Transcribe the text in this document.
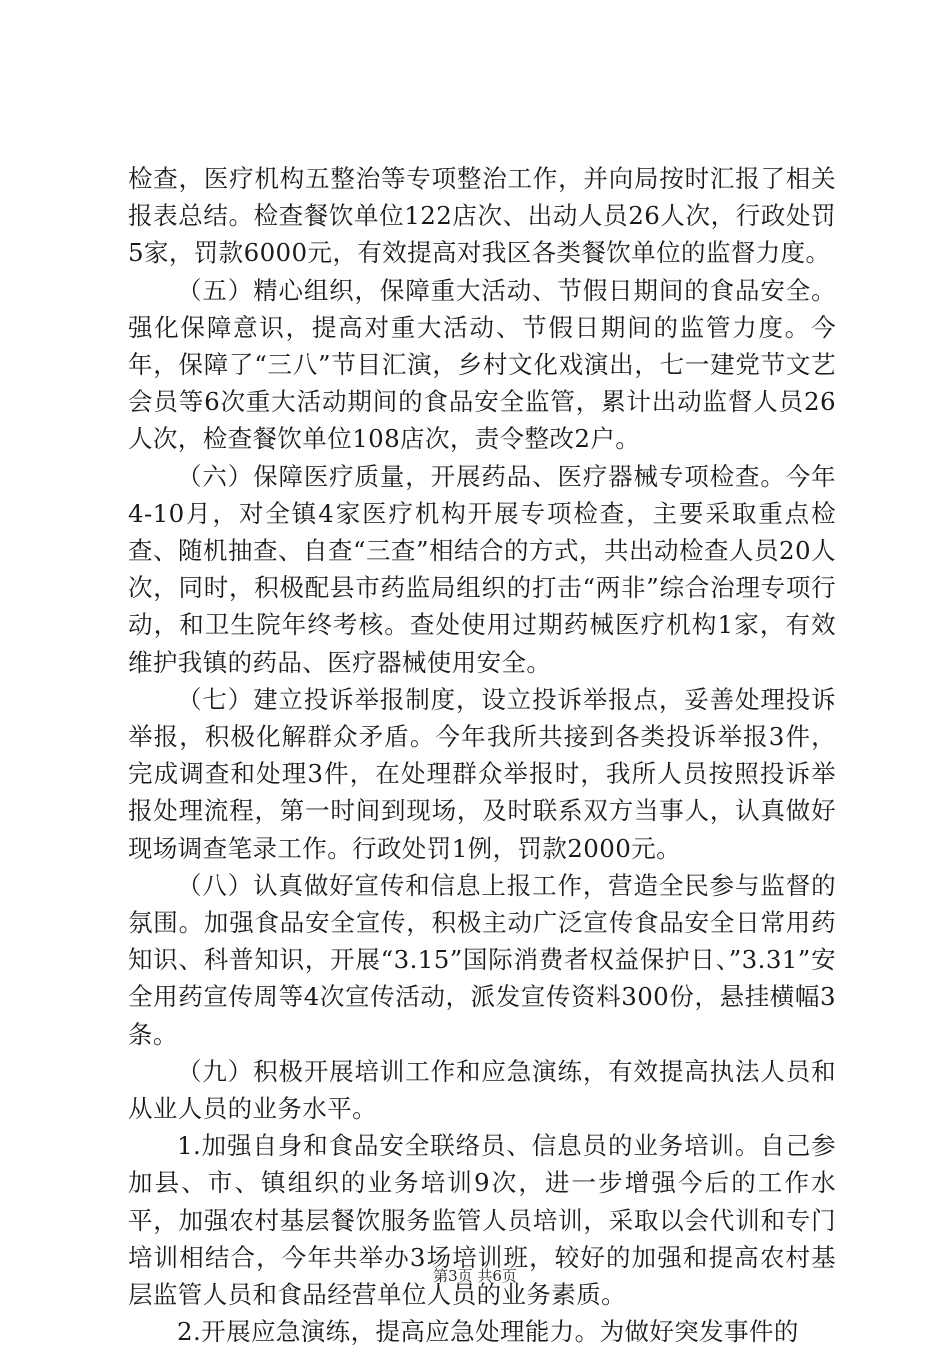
检查，医疗机构五整治等专项整治工作，并向局按时汇报了相关报表总结。检查餐饮单位122店次、出动人员26人次，行政处罚5家，罚款6000元，有效提高对我区各类餐饮单位的监督力度。

（五）精心组织，保障重大活动、节假日期间的食品安全。强化保障意识，提高对重大活动、节假日期间的监管力度。今年，保障了“三八”节目汇演，乡村文化戏演出，七一建党节文艺会员等6次重大活动期间的食品安全监管，累计出动监督人员26人次，检查餐饮单位108店次，责令整改2户。

（六）保障医疗质量，开展药品、医疗器械专项检查。今年4-10月，对全镇4家医疗机构开展专项检查，主要采取重点检查、随机抽查、自查“三查”相结合的方式，共出动检查人员20人次，同时，积极配县市药监局组织的打击“两非”综合治理专项行动，和卫生院年终考核。查处使用过期药械医疗机构1家，有效维护我镇的药品、医疗器械使用安全。

（七）建立投诉举报制度，设立投诉举报点，妥善处理投诉举报，积极化解群众矛盾。今年我所共接到各类投诉举报3件，完成调查和处理3件，在处理群众举报时，我所人员按照投诉举报处理流程，第一时间到现场，及时联系双方当事人，认真做好现场调查笔录工作。行政处罚1例，罚款2000元。

（八）认真做好宣传和信息上报工作，营造全民参与监督的氛围。加强食品安全宣传，积极主动广泛宣传食品安全日常用药知识、科普知识，开展“3.15”国际消费者权益保护日、”3.31”安全用药宣传周等4次宣传活动，派发宣传资料300份，悬挂横幅3条。

（九）积极开展培训工作和应急演练，有效提高执法人员和从业人员的业务水平。

1.加强自身和食品安全联络员、信息员的业务培训。自己参加县、市、镇组织的业务培训9次，进一步增强今后的工作水平，加强农村基层餐饮服务监管人员培训，采取以会代训和专门培训相结合，今年共举办3场培训班，较好的加强和提高农村基层监管人员和食品经营单位人员的业务素质。

2.开展应急演练，提高应急处理能力。为做好突发事件的

第3页 共6页
